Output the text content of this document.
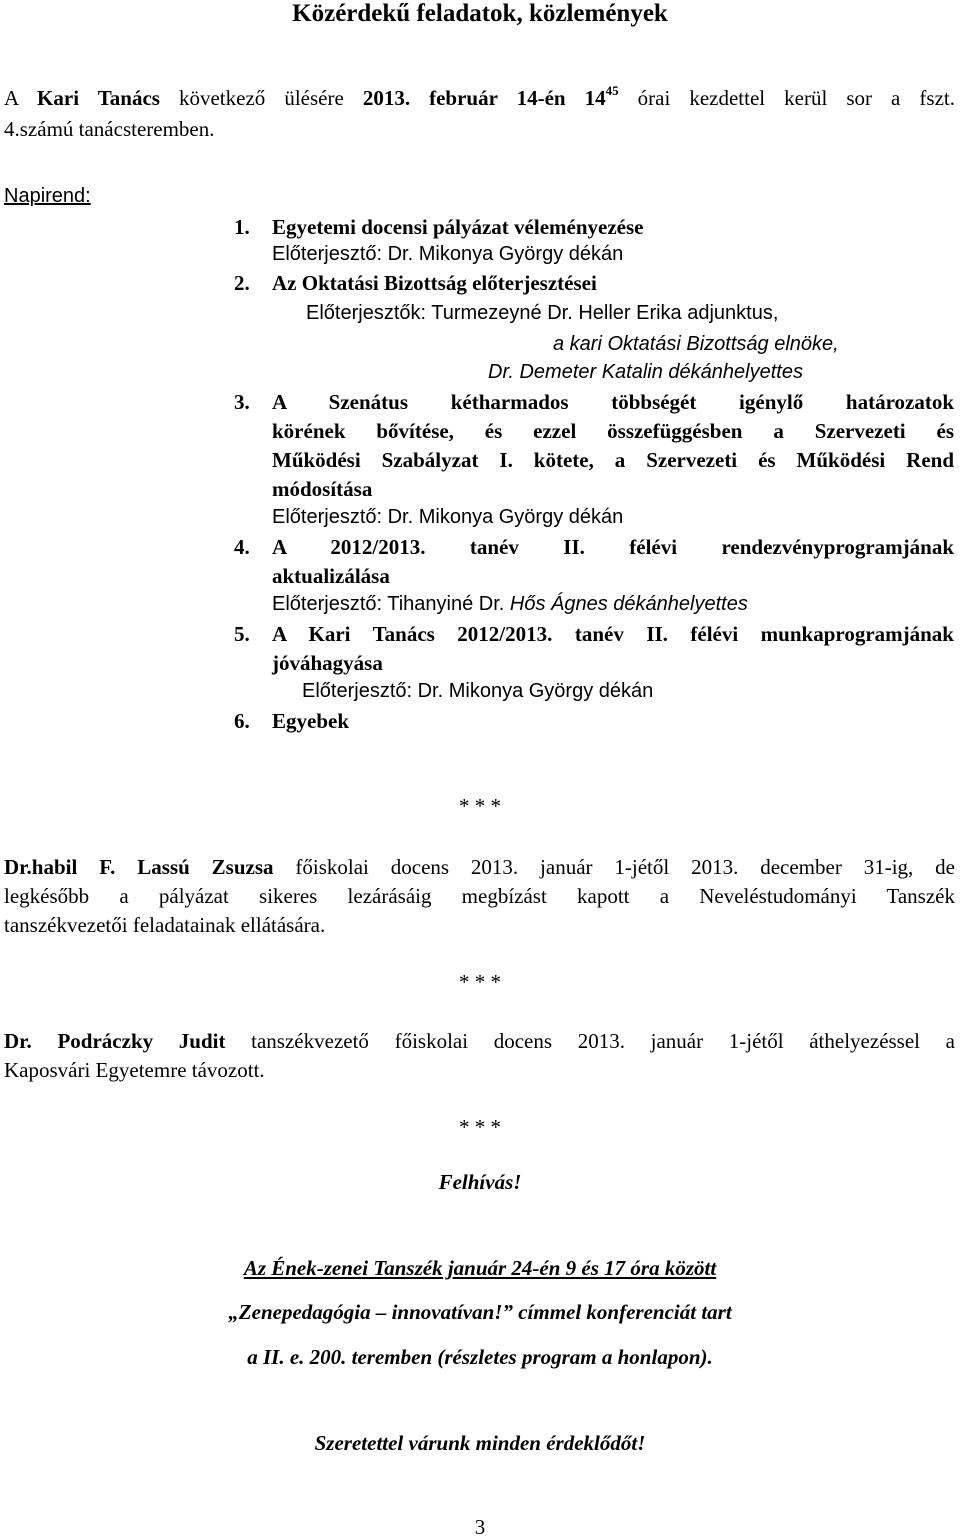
Közérdekű feladatok, közlemények
A Kari Tanács következő ülésére 2013. február 14-én $14^{45}$ órai kezdettel kerül sor a fszt.
4.számú tanácsteremben.
Napirend:
1. Egyetemi docensi pályázat véleményezése
Előterjesztő: Dr. Mikonya György dékán
2. Az Oktatási Bizottság előterjesztései
Előterjesztők: Turmezeyné Dr. Heller Erika adjunktus,
a kari Oktatási Bizottság elnöke,
Dr. Demeter Katalin dékánhelyettes
3. A Szenátus kétharmados többségét igénylő határozatok
körének bővítése, és ezzel összefüggésben a Szervezeti és
Működési Szabályzat I. kötete, a Szervezeti és Működési Rend
módosítása
Előterjesztő: Dr. Mikonya György dékán
4. A 2012/2013. tanév II. félévi rendezvényprogramjának
aktualizálása
Előterjesztő: Tihanyiné Dr. Hős Ágnes dékánhelyettes
5. A Kari Tanács 2012/2013. tanév II. félévi munkaprogramjának
jóváhagyása
Előterjesztő: Dr. Mikonya György dékán
6. Egyebek
* * *
Dr.habil F. Lassú Zsuzsa főiskolai docens 2013. január 1-jétől 2013. december 31-ig, de
legkésőbb a pályázat sikeres lezárásáig megbízást kapott a Neveléstudományi Tanszék
tanszékvezetői feladatainak ellátására.
* * *
Dr. Podráczky Judit tanszékvezető főiskolai docens 2013. január 1-jétől áthelyezéssel a
Kaposvári Egyetemre távozott.
* * *
Felhívás!
Az Ének-zenei Tanszék január 24-én 9 és 17 óra között
„Zenepedagógia – innovatívan!” címmel konferenciát tart
a II. e. 200. teremben (részletes program a honlapon).
Szeretettel várunk minden érdeklődőt!
3
